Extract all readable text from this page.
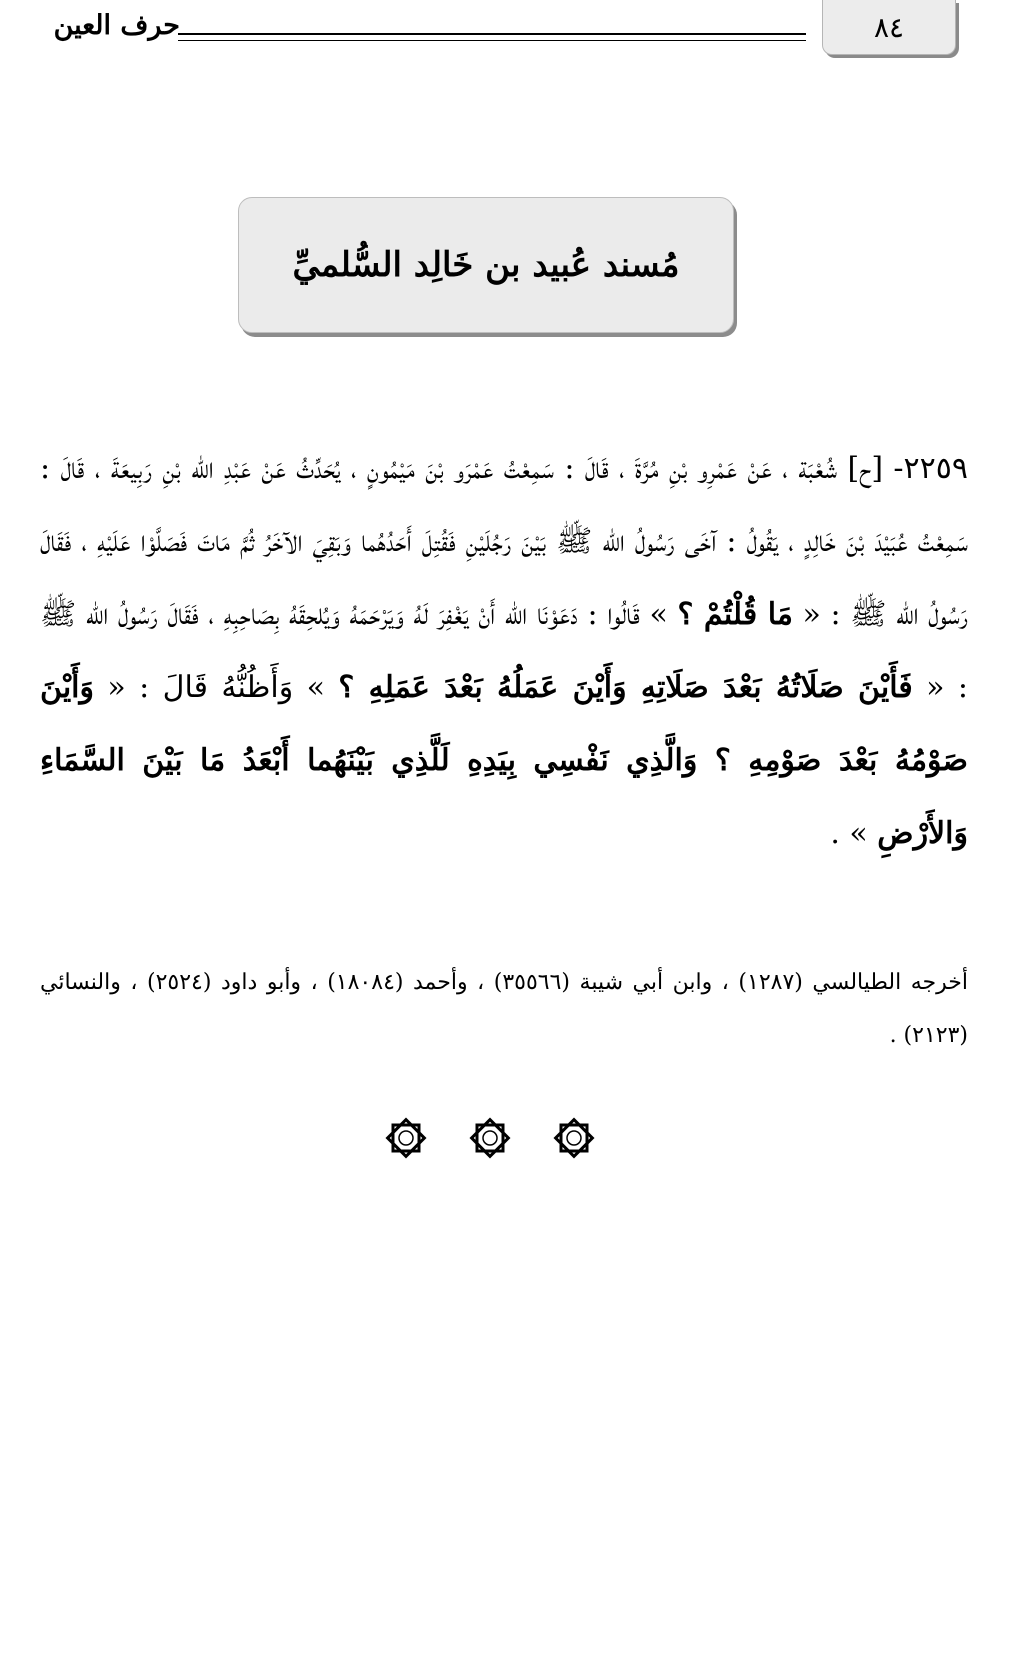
٨٤
حرف العين
مُسند عُبيد بن خَالِد السُّلميِّ
٢٢٥٩- [ح] شُعْبَة ، عَنْ عَمْرِو بْنِ مُرَّةَ ، قَالَ : سَمِعْتُ عَمْرَو بْنَ مَيْمُونٍ ، يُحَدِّثُ عَنْ عَبْدِ الله بْنِ رَبِيعَةَ ، قَالَ : سَمِعْتُ عُبَيْدَ بْنَ خَالِدٍ ، يَقُولُ : آخَى رَسُولُ الله ﷺ بَيْنَ رَجُلَيْنِ فَقُتِلَ أَحَدُهُما وَبَقِيَ الآخَرُ ثُمَّ مَاتَ فَصَلَّوْا عَلَيْهِ ، فَقَالَ رَسُولُ الله ﷺ : « مَا قُلْتُمْ ؟ » قَالُوا : دَعَوْنَا الله أَنْ يَغْفِرَ لَهُ وَيَرْحَمَهُ وَيُلحِقَهُ بِصَاحِبِهِ ، فَقَالَ رَسُولُ الله ﷺ : « فَأَيْنَ صَلَاتُهُ بَعْدَ صَلَاتِهِ وَأَيْنَ عَمَلُهُ بَعْدَ عَمَلِهِ ؟ » وَأَظُنُّهُ قَالَ : « وَأَيْنَ صَوْمُهُ بَعْدَ صَوْمِهِ ؟ وَالَّذِي نَفْسِي بِيَدِهِ لَلَّذِي بَيْنَهُما أَبْعَدُ مَا بَيْنَ السَّمَاءِ وَالأَرْضِ » .
أخرجه الطيالسي (١٢٨٧) ، وابن أبي شيبة (٣٥٥٦٦) ، وأحمد (١٨٠٨٤) ، وأبو داود (٢٥٢٤) ، والنسائي (٢١٢٣) .
